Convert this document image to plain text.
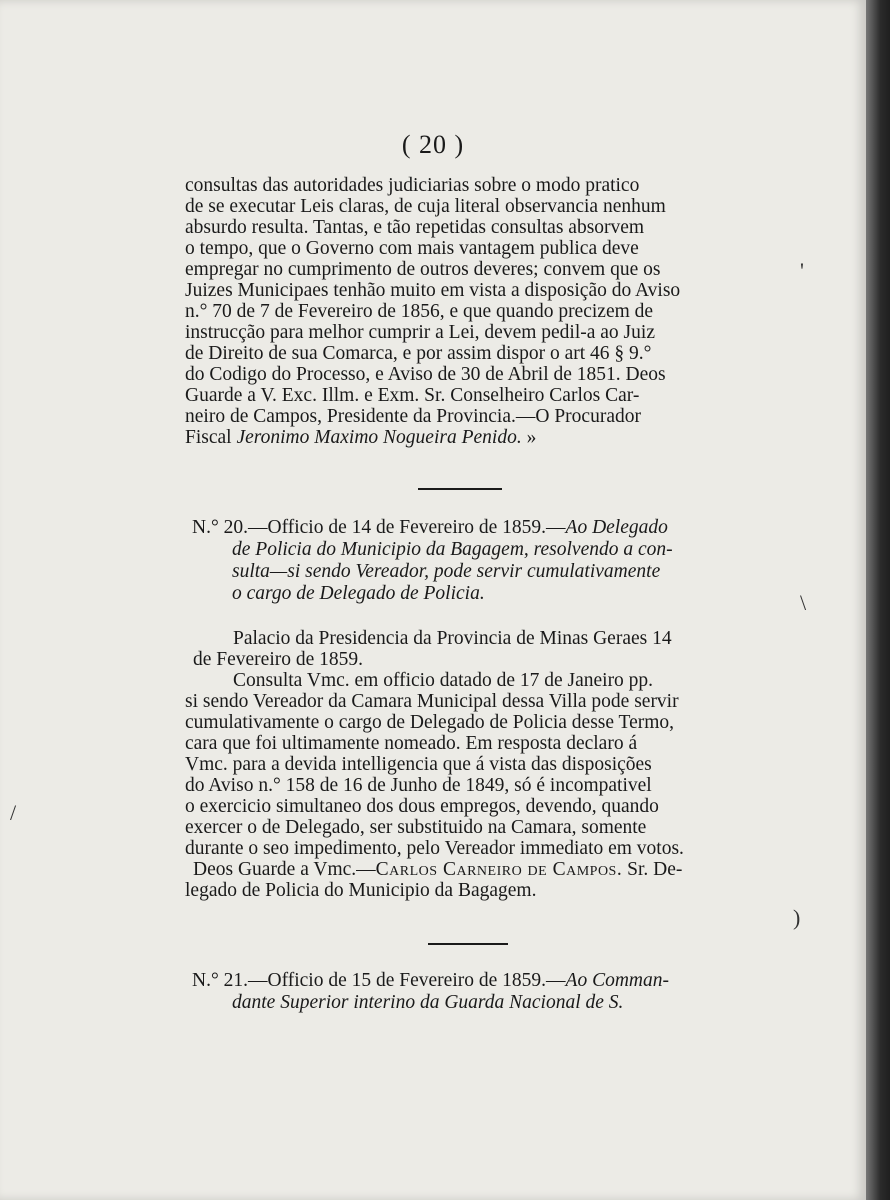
( 20 )
consultas das autoridades judiciarias sobre o modo pratico
de se executar Leis claras, de cuja literal observancia nenhum
absurdo resulta. Tantas, e tão repetidas consultas absorvem
o tempo, que o Governo com mais vantagem publica deve
empregar no cumprimento de outros deveres; convem que os
Juizes Municipaes tenhão muito em vista a disposição do Aviso
n.° 70 de 7 de Fevereiro de 1856, e que quando precizem de
instrucção para melhor cumprir a Lei, devem pedil-a ao Juiz
de Direito de sua Comarca, e por assim dispor o art 46 § 9.°
do Codigo do Processo, e Aviso de 30 de Abril de 1851. Deos
Guarde a V. Exc. Illm. e Exm. Sr. Conselheiro Carlos Car-
neiro de Campos, Presidente da Provincia.—O Procurador
Fiscal Jeronimo Maximo Nogueira Penido. »
N.° 20.—Officio de 14 de Fevereiro de 1859.—Ao Delegado
de Policia do Municipio da Bagagem, resolvendo a con-
sulta—si sendo Vereador, pode servir cumulativamente
o cargo de Delegado de Policia.
Palacio da Presidencia da Provincia de Minas Geraes 14
de Fevereiro de 1859.
Consulta Vmc. em officio datado de 17 de Janeiro pp.
si sendo Vereador da Camara Municipal dessa Villa pode servir
cumulativamente o cargo de Delegado de Policia desse Termo,
cara que foi ultimamente nomeado. Em resposta declaro á
Vmc. para a devida intelligencia que á vista das disposições
do Aviso n.° 158 de 16 de Junho de 1849, só é incompativel
o exercicio simultaneo dos dous empregos, devendo, quando
exercer o de Delegado, ser substituido na Camara, somente
durante o seo impedimento, pelo Vereador immediato em votos.
Deos Guarde a Vmc.—Carlos Carneiro de Campos. Sr. De-
legado de Policia do Municipio da Bagagem.
N.° 21.—Officio de 15 de Fevereiro de 1859.—Ao Comman-
dante Superior interino da Guarda Nacional de S.
'
\
)
/
